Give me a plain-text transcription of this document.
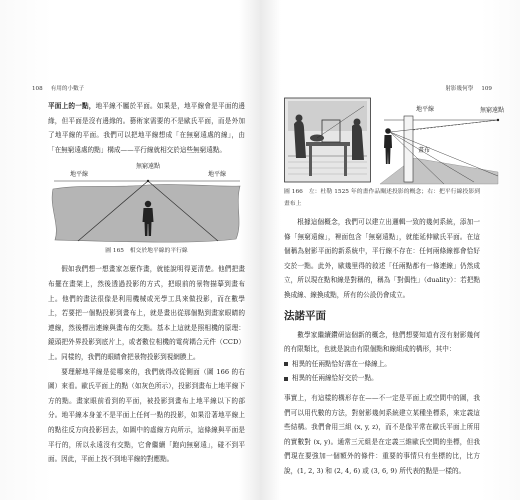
108 有用的小數子

平面上的一點，地平線不屬於平面。如果是，地平線會是平面的邊緣，但平面是沒有邊緣的。藝術家需要的不是歐氏平面，而是外加了地平線的平面。我們可以把地平線想成「在無窮遠處的線」，由「在無窮遠處的點」構成——平行線就相交於這些無窮遠點。

地平線
無窮遠點
地平線
圖 165　相交於地平線的平行線

假如我們想一想畫家怎麼作畫，就能說明得更清楚。他們把畫布擺在畫架上，然後透過投影的方式，把眼前的景物描摹到畫布上。他們的畫法很像是利用機械或光學工具來做投影，而在數學上，若要把一個點投影到畫布上，就是畫出從那個點到畫家眼睛的連線，然後標出連線與畫布的交點。基本上這就是照相機的原理：鏡頭把外界投影到底片上，或者數位相機的電荷耦合元件（CCD）上。同樣的，我們的眼睛會把景物投影到視網膜上。

要理解地平線是從哪來的，我們就得改從側面（圖 166 的右圖）來看。歐氏平面上的點（如灰色所示），投影到畫布上地平線下方的點。畫家眼前看到的平面，被投影到畫布上地平線以下的部分。地平線本身並不是平面上任何一點的投影，如果沿著地平線上的點往反方向投影回去，如圖中的虛線方向所示，這條線與平面是平行的，所以永遠沒有交點，它會繼續「跑向無窮遠」，碰不到平面。因此，平面上找不到地平線的對應點。

射影幾何學 109
地平線	無窮遠點
畫布
圖 166　左：杜勒 1525 年的畫作品闡述投影的概念；右：把平行線投影到畫布上

根據這個概念，我們可以建立出邏輯一致的幾何系統，添加一條「無窮遠線」，裡面包含「無窮遠點」，就能延伸歐氏平面。在這個稱為射影平面的新系統中，平行線不存在：任何兩條線都會恰好交於一點。此外，歐幾里得的敘述「任兩點都有一條連線」仍然成立，所以現在點和線是對稱的，稱為「對偶性」（duality）：若把點換成線、線換成點，所有的公設仍會成立。

法諾平面

數學家繼續鑽研這個新的概念，他們想要知道有沒有射影幾何的有限類比，也就是說由有限個點和線組成的構形，其中：

相異的任兩點恰好落在一條線上。
相異的任兩線恰好交於一點。

事實上，有這樣的構形存在——不一定是平面上或空間中的圖，我們可以用代數的方法，對射影幾何系統建立某種坐標系，來定義這些結構。我們會用三組 (x, y, z)，而不是像平常在歐氏平面上所用的實數對 (x, y)。通常三元組是在定義三維歐氏空間的坐標，但我們現在要強加一個額外的條件：重要的事情只有坐標的比，比方說，(1, 2, 3) 和 (2, 4, 6) 或 (3, 6, 9) 所代表的點是一樣的。
